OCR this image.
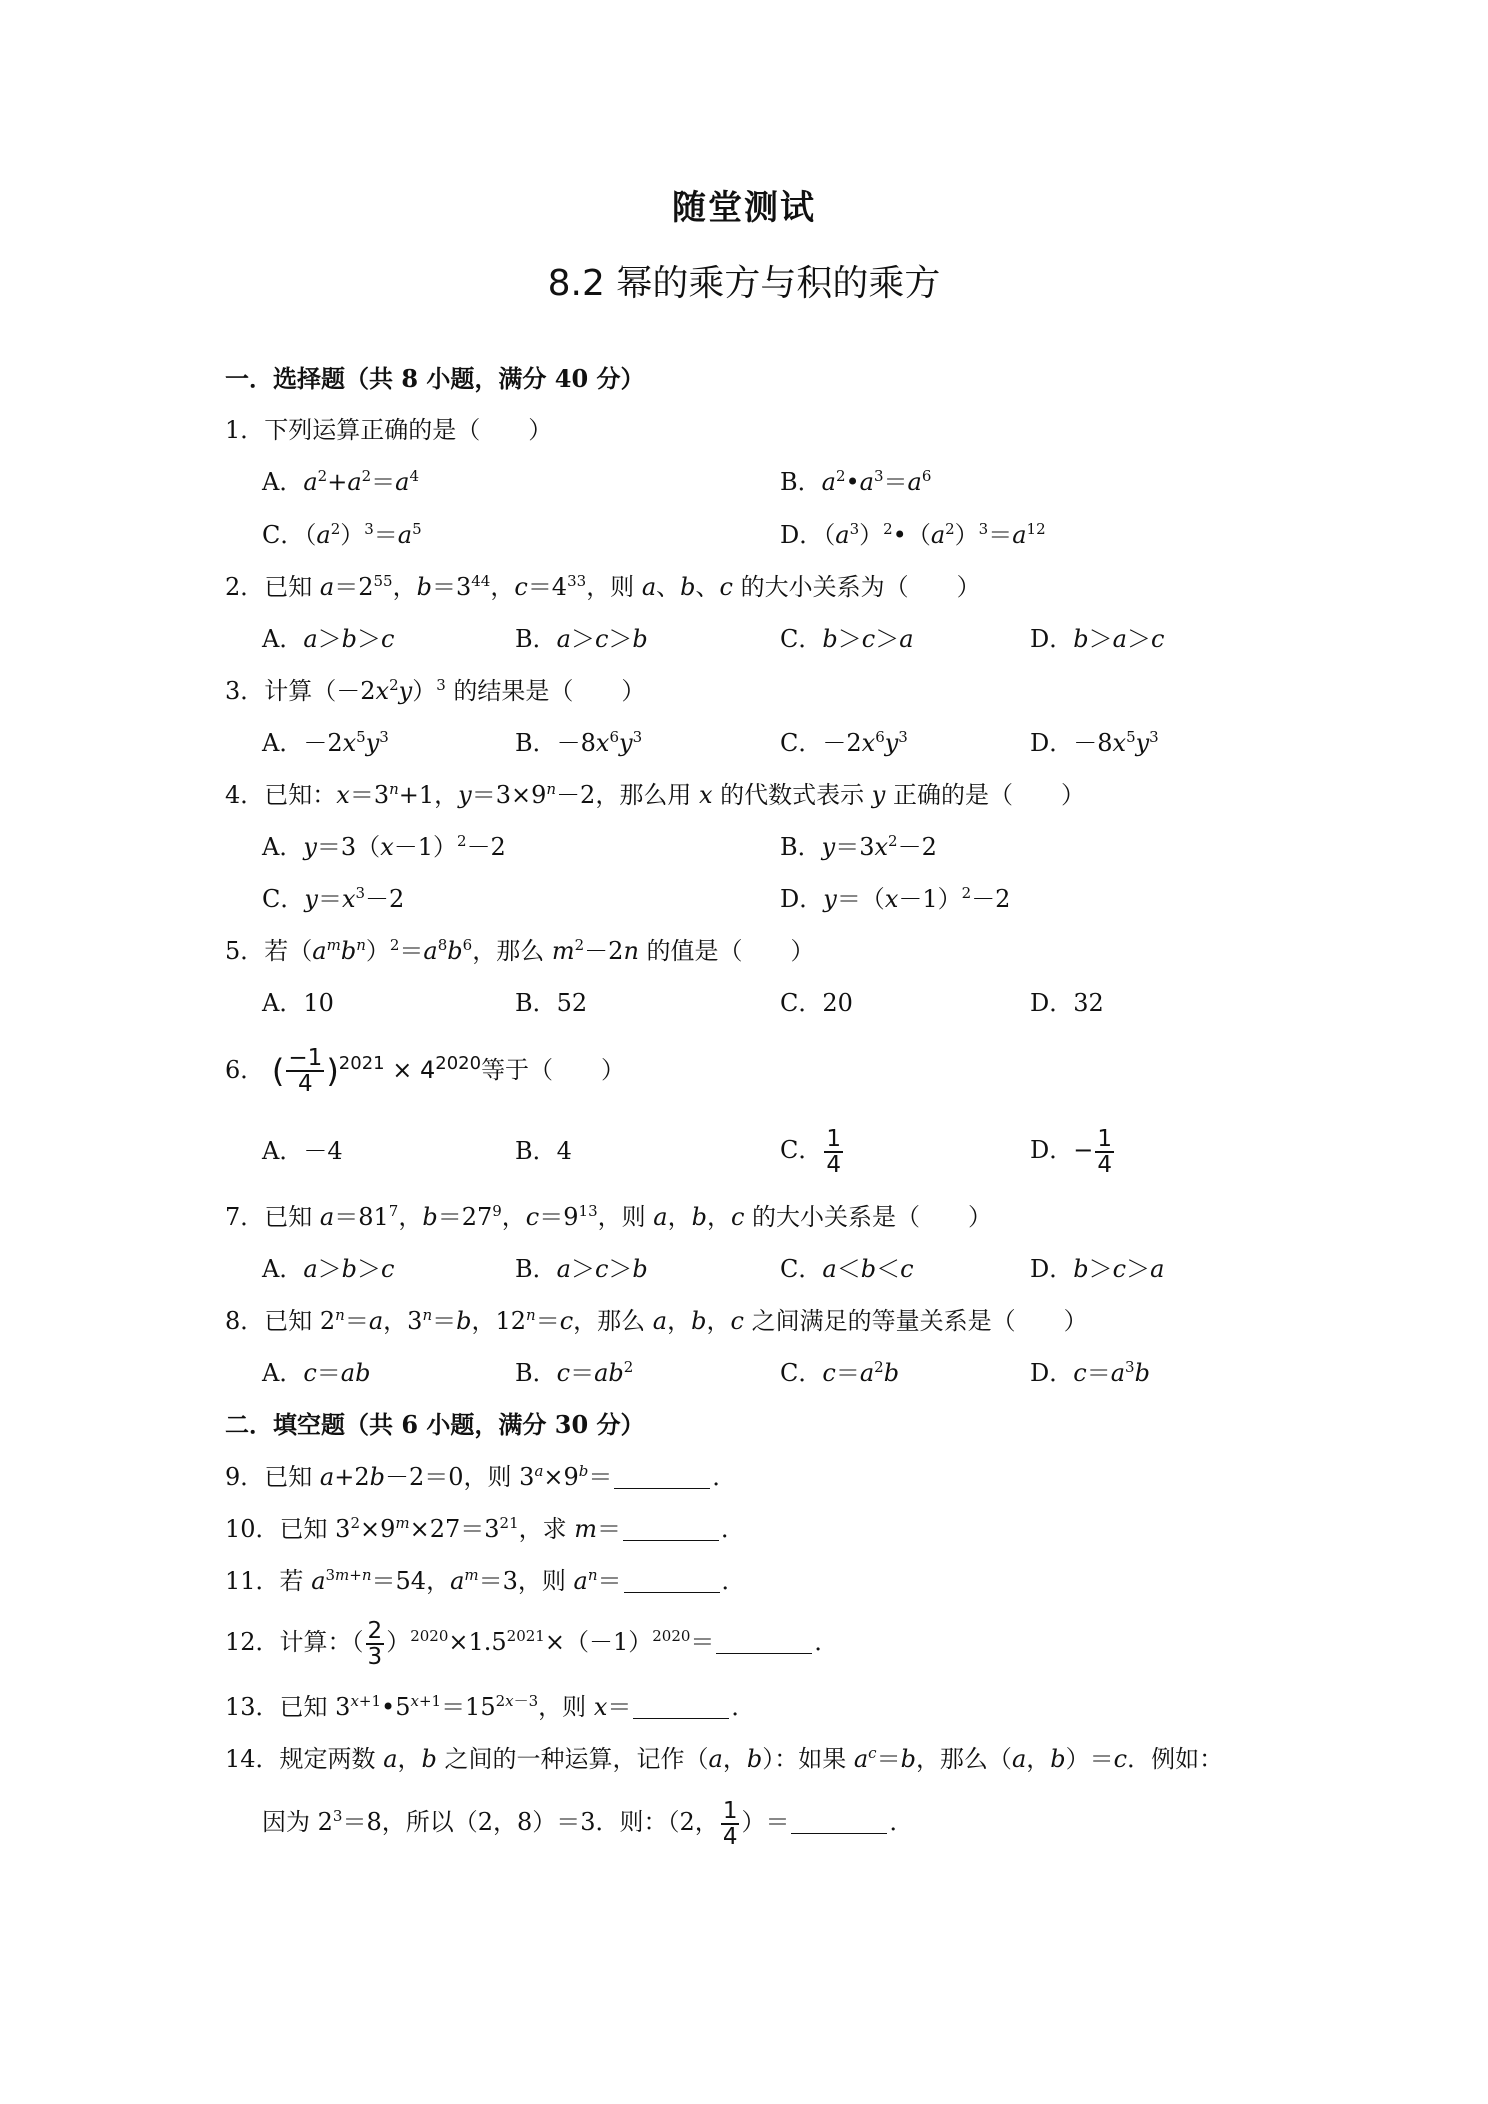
随堂测试
8.2 幂的乘方与积的乘方
一．选择题（共 8 小题，满分 40 分）
1．下列运算正确的是（　　）
A．$a^2+a^2=a^4$	B．$a^2•a^3=a^6$
C．$(a^2)^3=a^5$	D．$(a^3)^2•(a^2)^3=a^{12}$
2．已知 $a=2^{55}$，$b=3^{44}$，$c=4^{33}$，则 a、b、c 的大小关系为（　　）
A．a＞b＞c	B．a＞c＞b	C．b＞c＞a	D．b＞a＞c
3．计算$(-2x^2y)^3$ 的结果是（　　）
A．$-2x^5y^3$	B．$-8x^6y^3$	C．$-2x^6y^3$	D．$-8x^5y^3$
4．已知：$x=3^n+1$，$y=3\times 9^n-2$，那么用 x 的代数式表示 y 正确的是（　　）
A．$y=3(x-1)^2-2$	B．$y=3x^2-2$
C．$y=x^3-2$	D．$y=(x-1)^2-2$
5．若$(a^mb^n)^2=a^8b^6$，那么 $m^2-2n$ 的值是（　　）
A．10	B．52	C．20	D．32
6． ( $\frac{-1}{4} )^{2021} \times 4^{2020}$等于（　　）
A．－4	B．4	C． $\frac{1}{4}$	D．− $\frac{1}{4}$
7．已知 $a=81^7$，$b=27^9$，$c=9^{13}$，则 a，b，c 的大小关系是（　　）
A．a＞b＞c	B．a＞c＞b	C．a＜b＜c	D．b＞c＞a
8．已知 $2^n=a$，$3^n=b$，$12^n=c$，那么 a，b，c 之间满足的等量关系是（　　）
A．c＝ab	B．$c=ab^2$	C．$c=a^2b$	D．$c=a^3b$
二．填空题（共 6 小题，满分 30 分）
9．已知 a+2b－2＝0，则 $3^a\times 9^b=$	．
10．已知 $3^2\times 9^m\times 27=3^{21}$，求 m＝	．
11．若 $a^{3m+n}=54$，$a^m=3$，则 $a^n=$	．
12．计算：（ $\frac{2}{3} )^{2020}\times 1.5^{2021}\times(-1)^{2020}=$	．
13．已知 $3^{x+1}•5^{x+1}=15^{2x-3}$，则 x＝	．
14．规定两数 a，b 之间的一种运算，记作（a，b）：如果 $a^c=b$，那么（a，b）＝c．例如：
因为 $2^3=8$，所以（2，8）＝3．则：（2， $\frac{1}{4}$ ）＝	．
